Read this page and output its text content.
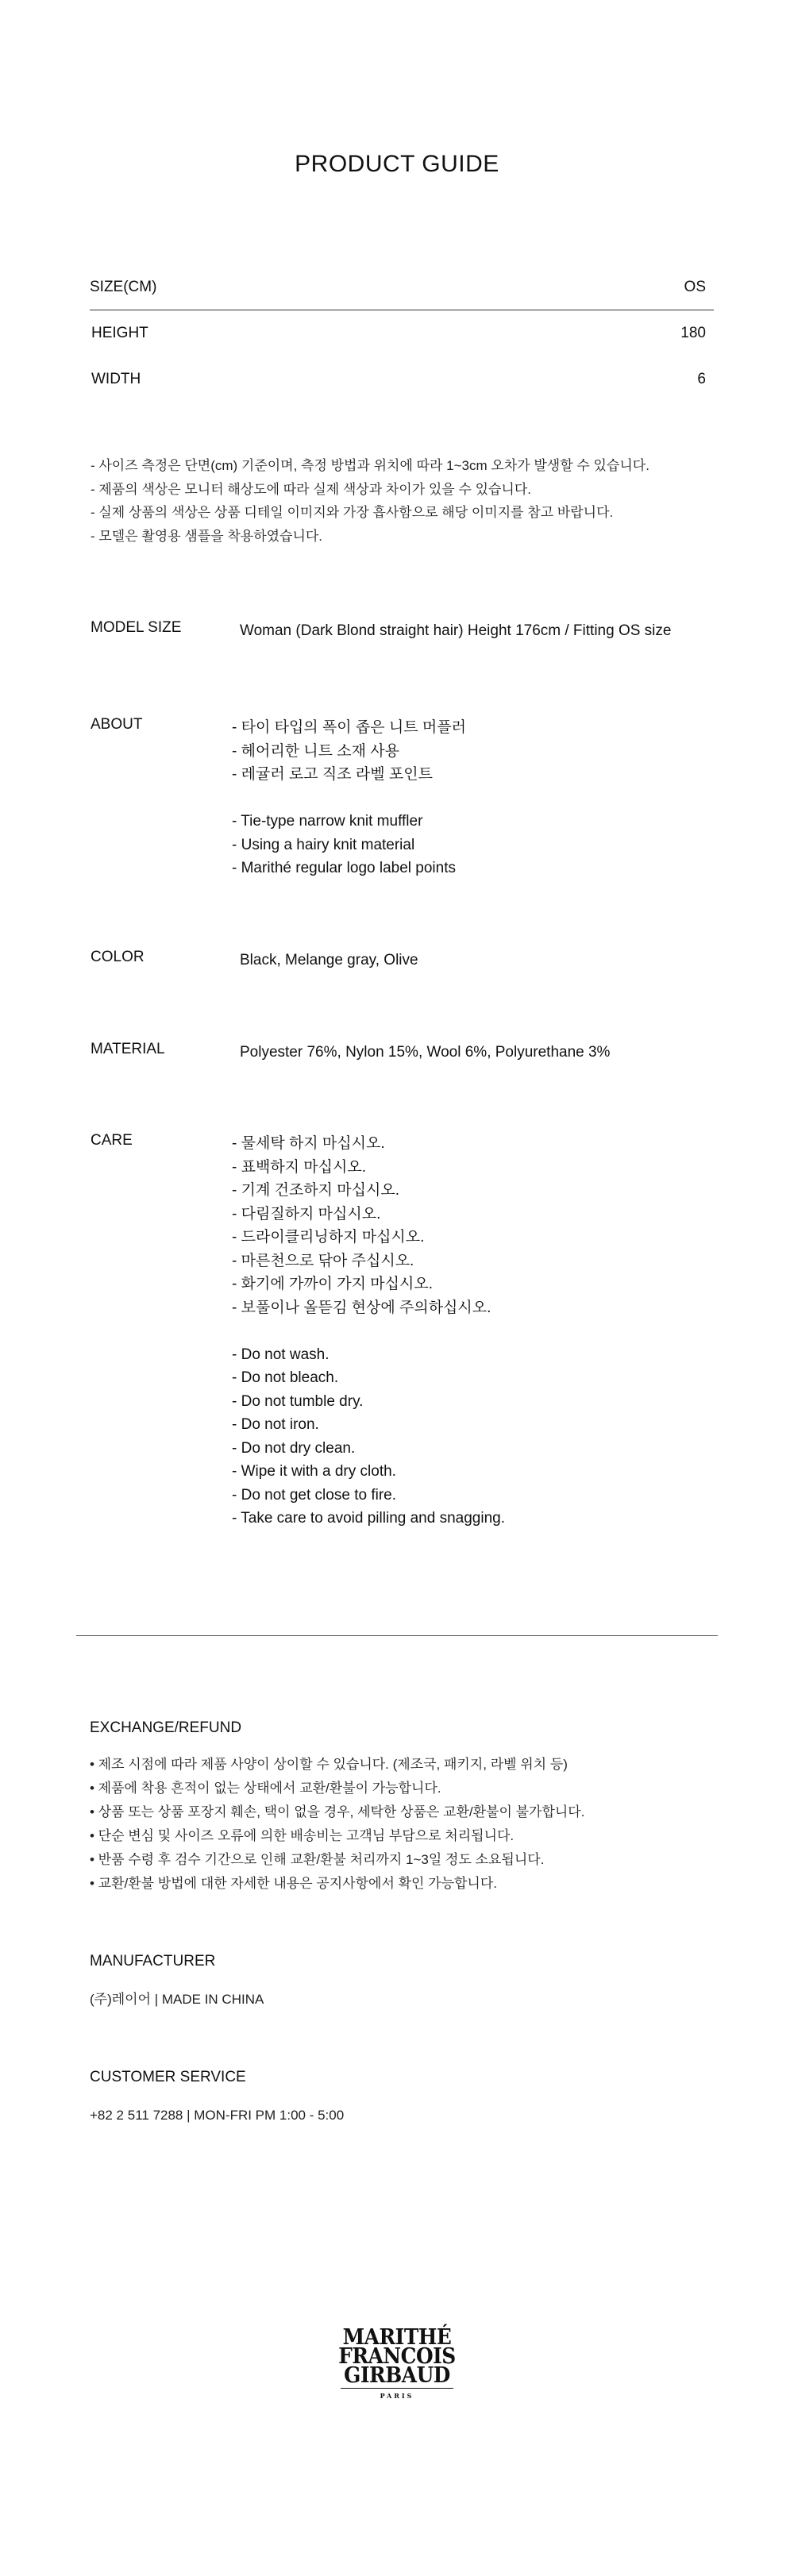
PRODUCT GUIDE
SIZE(CM)	OS
HEIGHT	180
WIDTH	6
- 사이즈 측정은 단면(cm) 기준이며, 측정 방법과 위치에 따라 1~3cm 오차가 발생할 수 있습니다.
- 제품의 색상은 모니터 해상도에 따라 실제 색상과 차이가 있을 수 있습니다.
- 실제 상품의 색상은 상품 디테일 이미지와 가장 흡사함으로 해당 이미지를 참고 바랍니다.
- 모델은 촬영용 샘플을 착용하였습니다.
MODEL SIZE	Woman (Dark Blond straight hair) Height 176cm / Fitting OS size
ABOUT	- 타이 타입의 폭이 좁은 니트 머플러
- 헤어리한 니트 소재 사용
- 레귤러 로고 직조 라벨 포인트

- Tie-type narrow knit muffler
- Using a hairy knit material
- Marithé regular logo label points
COLOR	Black, Melange gray, Olive
MATERIAL	Polyester 76%, Nylon 15%, Wool 6%, Polyurethane 3%
CARE	- 물세탁 하지 마십시오.
- 표백하지 마십시오.
- 기계 건조하지 마십시오.
- 다림질하지 마십시오.
- 드라이클리닝하지 마십시오.
- 마른천으로 닦아 주십시오.
- 화기에 가까이 가지 마십시오.
- 보풀이나 올뜯김 현상에 주의하십시오.

- Do not wash.
- Do not bleach.
- Do not tumble dry.
- Do not iron.
- Do not dry clean.
- Wipe it with a dry cloth.
- Do not get close to fire.
- Take care to avoid pilling and snagging.
EXCHANGE/REFUND
• 제조 시점에 따라 제품 사양이 상이할 수 있습니다. (제조국, 패키지, 라벨 위치 등)
• 제품에 착용 흔적이 없는 상태에서 교환/환불이 가능합니다.
• 상품 또는 상품 포장지 훼손, 택이 없을 경우, 세탁한 상품은 교환/환불이 불가합니다.
• 단순 변심 및 사이즈 오류에 의한 배송비는 고객님 부담으로 처리됩니다.
• 반품 수령 후 검수 기간으로 인해 교환/환불 처리까지 1~3일 정도 소요됩니다.
• 교환/환불 방법에 대한 자세한 내용은 공지사항에서 확인 가능합니다.
MANUFACTURER
(주)레이어 | MADE IN CHINA
CUSTOMER SERVICE
+82 2 511 7288 | MON-FRI PM 1:00 - 5:00
MARITHÉ
FRANCOIS
GIRBAUD
PARIS
